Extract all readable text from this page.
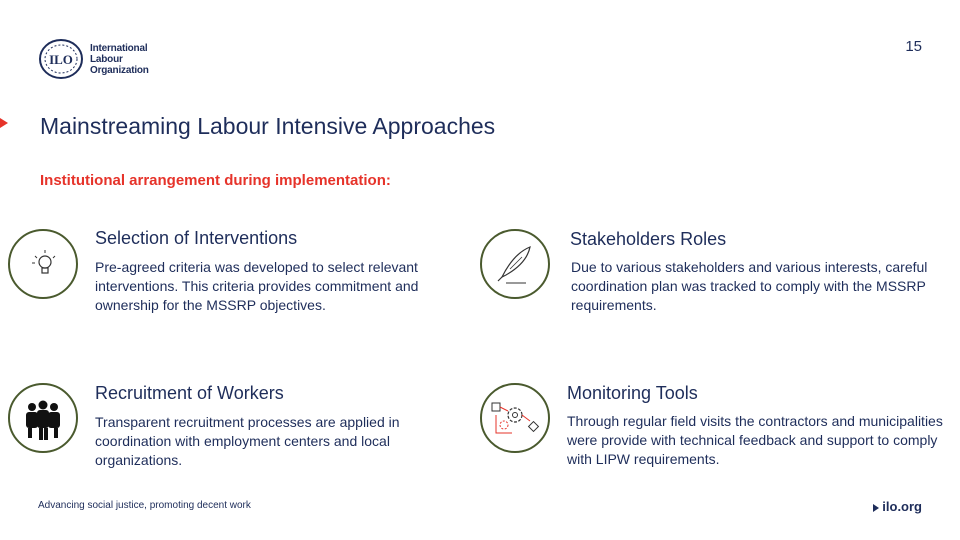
ILO
International
Labour
Organization
15
Mainstreaming Labour Intensive Approaches
Institutional arrangement during implementation:
Selection of Interventions
Pre-agreed criteria was developed to select relevant interventions. This criteria provides commitment and ownership for the MSSRP objectives.
Stakeholders Roles
Due to various stakeholders and various interests, careful coordination plan was tracked to comply with the MSSRP requirements.
Recruitment of Workers
Transparent recruitment processes are applied in coordination with employment centers and local organizations.
Monitoring Tools
Through regular field visits the contractors and municipalities were provide with technical feedback and support to comply with LIPW requirements.
Advancing social justice, promoting decent work	ilo.org
